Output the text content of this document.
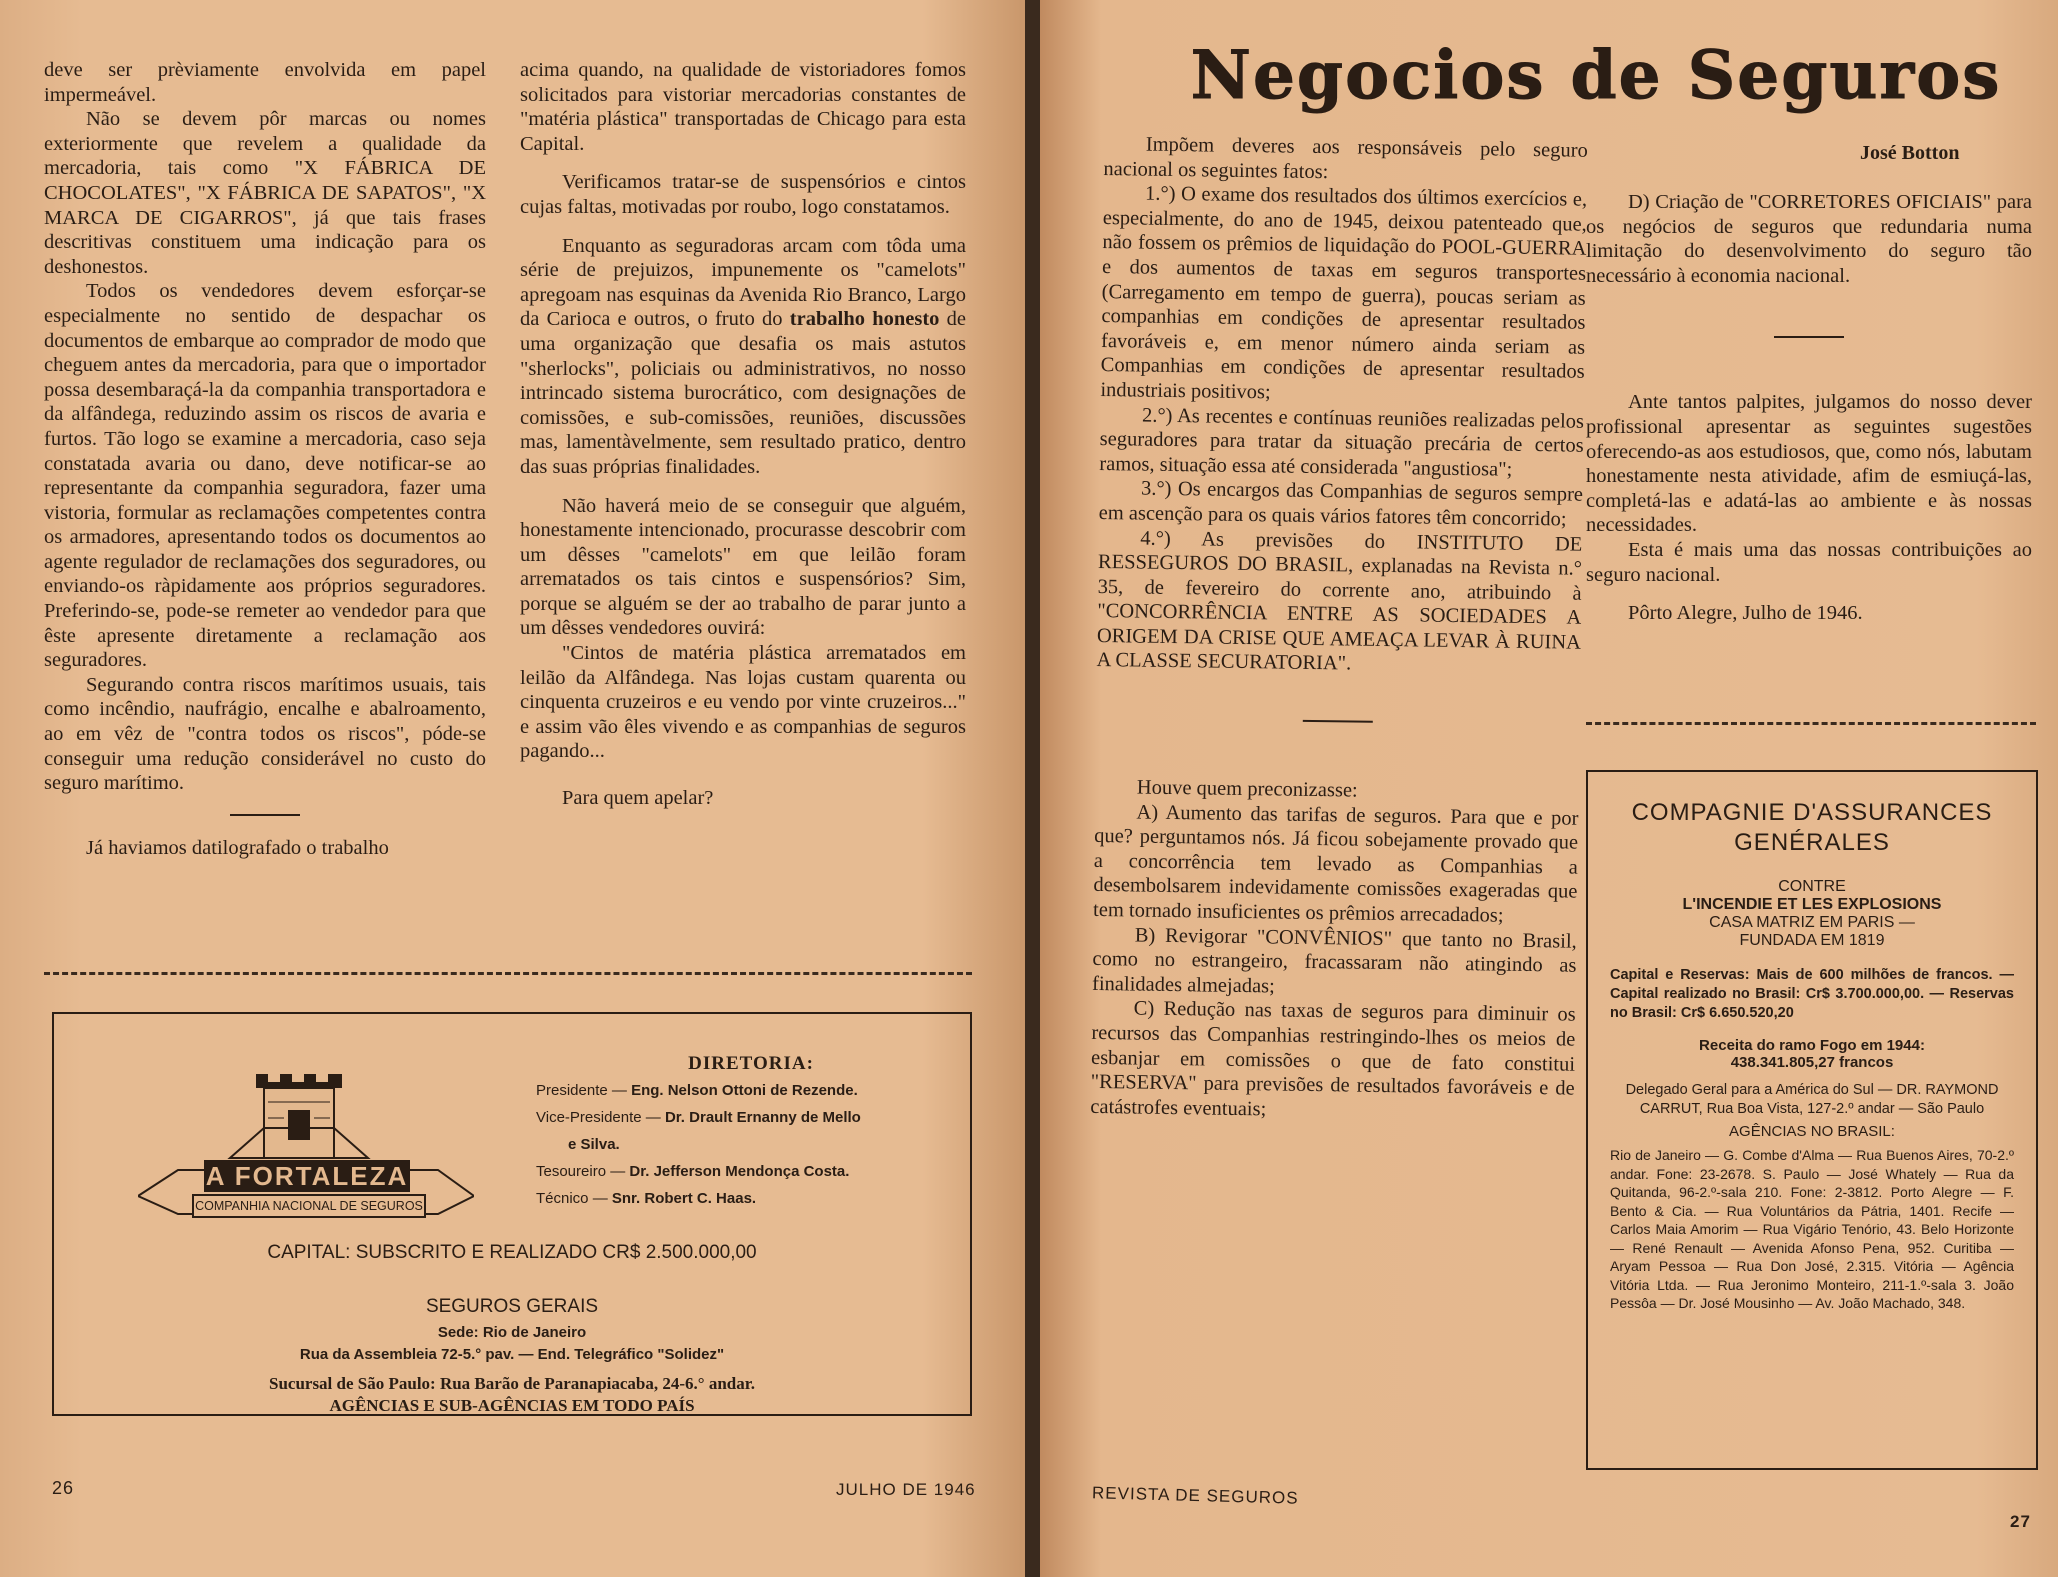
deve ser prèviamente envolvida em papel impermeável.

Não se devem pôr marcas ou nomes exteriormente que revelem a qualidade da mercadoria, tais como "X FÁBRICA DE CHOCOLATES", "X FÁBRICA DE SAPATOS", "X MARCA DE CIGARROS", já que tais frases descritivas constituem uma indicação para os deshonestos.

Todos os vendedores devem esforçar-se especialmente no sentido de despachar os documentos de embarque ao comprador de modo que cheguem antes da mercadoria, para que o importador possa desembaraçá-la da companhia transportadora e da alfândega, reduzindo assim os riscos de avaria e furtos. Tão logo se examine a mercadoria, caso seja constatada avaria ou dano, deve notificar-se ao representante da companhia seguradora, fazer uma vistoria, formular as reclamações competentes contra os armadores, apresentando todos os documentos ao agente regulador de reclamações dos seguradores, ou enviando-os ràpidamente aos próprios seguradores. Preferindo-se, pode-se remeter ao vendedor para que êste apresente diretamente a reclamação aos seguradores.

Segurando contra riscos marítimos usuais, tais como incêndio, naufrágio, encalhe e abalroamento, ao em vêz de "contra todos os riscos", póde-se conseguir uma redução considerável no custo do seguro marítimo.

Já haviamos datilografado o trabalho

acima quando, na qualidade de vistoriadores fomos solicitados para vistoriar mercadorias constantes de "matéria plástica" transportadas de Chicago para esta Capital.

Verificamos tratar-se de suspensórios e cintos cujas faltas, motivadas por roubo, logo constatamos.

Enquanto as seguradoras arcam com tôda uma série de prejuizos, impunemente os "camelots" apregoam nas esquinas da Avenida Rio Branco, Largo da Carioca e outros, o fruto do trabalho honesto de uma organização que desafia os mais astutos "sherlocks", policiais ou administrativos, no nosso intrincado sistema burocrático, com designações de comissões, e sub-comissões, reuniões, discussões mas, lamentàvelmente, sem resultado pratico, dentro das suas próprias finalidades.

Não haverá meio de se conseguir que alguém, honestamente intencionado, procurasse descobrir com um dêsses "camelots" em que leilão foram arrematados os tais cintos e suspensórios? Sim, porque se alguém se der ao trabalho de parar junto a um dêsses vendedores ouvirá:

"Cintos de matéria plástica arrematados em leilão da Alfândega. Nas lojas custam quarenta ou cinquenta cruzeiros e eu vendo por vinte cruzeiros..." e assim vão êles vivendo e as companhias de seguros pagando...

Para quem apelar?

A FORTALEZA
COMPANHIA NACIONAL DE SEGUROS
DIRETORIA:
Presidente — Eng. Nelson Ottoni de Rezende.
Vice-Presidente — Dr. Drault Ernanny de Mello
e Silva.
Tesoureiro — Dr. Jefferson Mendonça Costa.
Técnico — Snr. Robert C. Haas.
CAPITAL: SUBSCRITO E REALIZADO CR$ 2.500.000,00
SEGUROS GERAIS
Sede: Rio de Janeiro
Rua da Assembleia 72-5.° pav. — End. Telegráfico "Solidez"
Sucursal de São Paulo: Rua Barão de Paranapiacaba, 24-6.° andar.
AGÊNCIAS E SUB-AGÊNCIAS EM TODO PAÍS
26	JULHO DE 1946
Negocios de Seguros

Impõem deveres aos responsáveis pelo seguro nacional os seguintes fatos:

1.°) O exame dos resultados dos últimos exercícios e, especialmente, do ano de 1945, deixou patenteado que, não fossem os prêmios de liquidação do POOL-GUERRA e dos aumentos de taxas em seguros transportes (Carregamento em tempo de guerra), poucas seriam as companhias em condições de apresentar resultados favoráveis e, em menor número ainda seriam as Companhias em condições de apresentar resultados industriais positivos;

2.°) As recentes e contínuas reuniões realizadas pelos seguradores para tratar da situação precária de certos ramos, situação essa até considerada "angustiosa";

3.°) Os encargos das Companhias de seguros sempre em ascenção para os quais vários fatores têm concorrido;

4.°) As previsões do INSTITUTO DE RESSEGUROS DO BRASIL, explanadas na Revista n.° 35, de fevereiro do corrente ano, atribuindo à "CONCORRÊNCIA ENTRE AS SOCIEDADES A ORIGEM DA CRISE QUE AMEAÇA LEVAR À RUINA A CLASSE SECURATORIA".

Houve quem preconizasse:

A) Aumento das tarifas de seguros. Para que e por que? perguntamos nós. Já ficou sobejamente provado que a concorrência tem levado as Companhias a desembolsarem indevidamente comissões exageradas que tem tornado insuficientes os prêmios arrecadados;

B) Revigorar "CONVÊNIOS" que tanto no Brasil, como no estrangeiro, fracassaram não atingindo as finalidades almejadas;

C) Redução nas taxas de seguros para diminuir os recursos das Companhias restringindo-lhes os meios de esbanjar em comissões o que de fato constitui "RESERVA" para previsões de resultados favoráveis e de catástrofes eventuais;

José Botton

D) Criação de "CORRETORES OFICIAIS" para os negócios de seguros que redundaria numa limitação do desenvolvimento do seguro tão necessário à economia nacional.

Ante tantos palpites, julgamos do nosso dever profissional apresentar as seguintes sugestões oferecendo-as aos estudiosos, que, como nós, labutam honestamente nesta atividade, afim de esmiuçá-las, completá-las e adatá-las ao ambiente e às nossas necessidades.

Esta é mais uma das nossas contribuições ao seguro nacional.

Pôrto Alegre, Julho de 1946.

COMPAGNIE D'ASSURANCES GENÉRALES
CONTRE
L'INCENDIE ET LES EXPLOSIONS
CASA MATRIZ EM PARIS —
FUNDADA EM 1819

Capital e Reservas: Mais de 600 milhões de francos. — Capital realizado no Brasil: Cr$ 3.700.000,00. — Reservas no Brasil: Cr$ 6.650.520,20

Receita do ramo Fogo em 1944:
438.341.805,27 francos

Delegado Geral para a América do Sul — DR. RAYMOND CARRUT, Rua Boa Vista, 127-2.º andar — São Paulo

AGÊNCIAS NO BRASIL:

Rio de Janeiro — G. Combe d'Alma — Rua Buenos Aires, 70-2.º andar. Fone: 23-2678. S. Paulo — José Whately — Rua da Quitanda, 96-2.º-sala 210. Fone: 2-3812. Porto Alegre — F. Bento & Cia. — Rua Voluntários da Pátria, 1401. Recife — Carlos Maia Amorim — Rua Vigário Tenório, 43. Belo Horizonte — René Renault — Avenida Afonso Pena, 952. Curitiba — Aryam Pessoa — Rua Don José, 2.315. Vitória — Agência Vitória Ltda. — Rua Jeronimo Monteiro, 211-1.º-sala 3. João Pessôa — Dr. José Mousinho — Av. João Machado, 348.

REVISTA DE SEGUROS
27
